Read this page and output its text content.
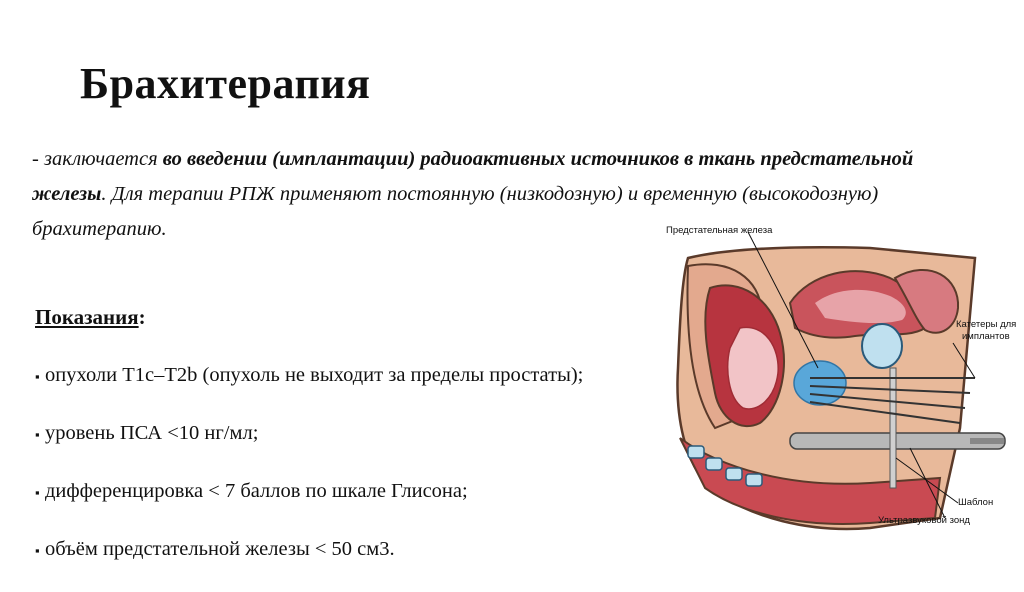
Брахитерапия
- заключается во введении (имплантации) радиоактивных источников в ткань предстательной железы. Для терапии РПЖ применяют постоянную (низкодозную) и временную (высокодозную) брахитерапию.
Показания:
▪ опухоли Т1с–Т2b (опухоль не выходит за пределы простаты);
▪ уровень ПСА <10 нг/мл;
▪ дифференцировка < 7 баллов по шкале Глисона;
▪ объём предстательной железы < 50 см3.
Предстательная железа
Катетеры для
имплантов
Шаблон
Ультразвуковой зонд
